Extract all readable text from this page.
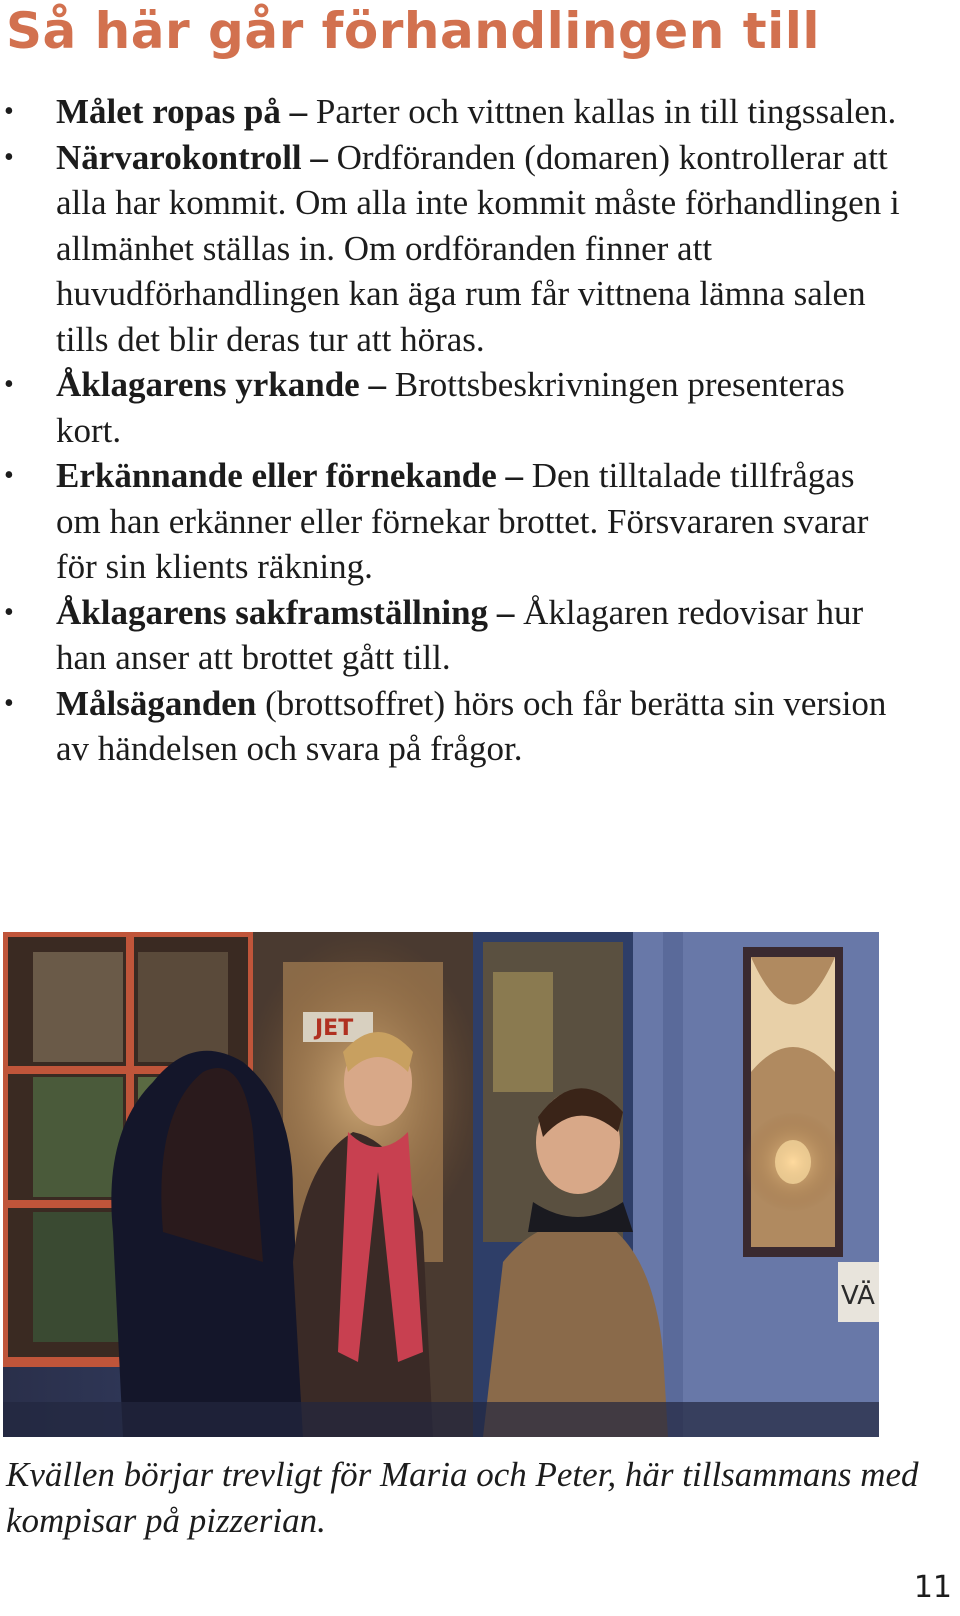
Så här går förhandlingen till
• Målet ropas på – Parter och vittnen kallas in till tingssalen.
• Närvarokontroll – Ordföranden (domaren) kontrollerar att alla har kommit. Om alla inte kommit måste förhandlingen i allmänhet ställas in. Om ordföranden finner att huvudförhandlingen kan äga rum får vittnena lämna salen tills det blir deras tur att höras.
• Åklagarens yrkande – Brottsbeskrivningen presenteras kort.
• Erkännande eller förnekande – Den tilltalade tillfrågas om han erkänner eller förnekar brottet. Försvararen svarar för sin klients räkning.
• Åklagarens sakframställning – Åklagaren redovisar hur han anser att brottet gått till.
• Målsäganden (brottsoffret) hörs och får berätta sin version av händelsen och svara på frågor.
JET
VÄ

Kvällen börjar trevligt för Maria och Peter, här tillsammans med kompisar på pizzerian.

11
